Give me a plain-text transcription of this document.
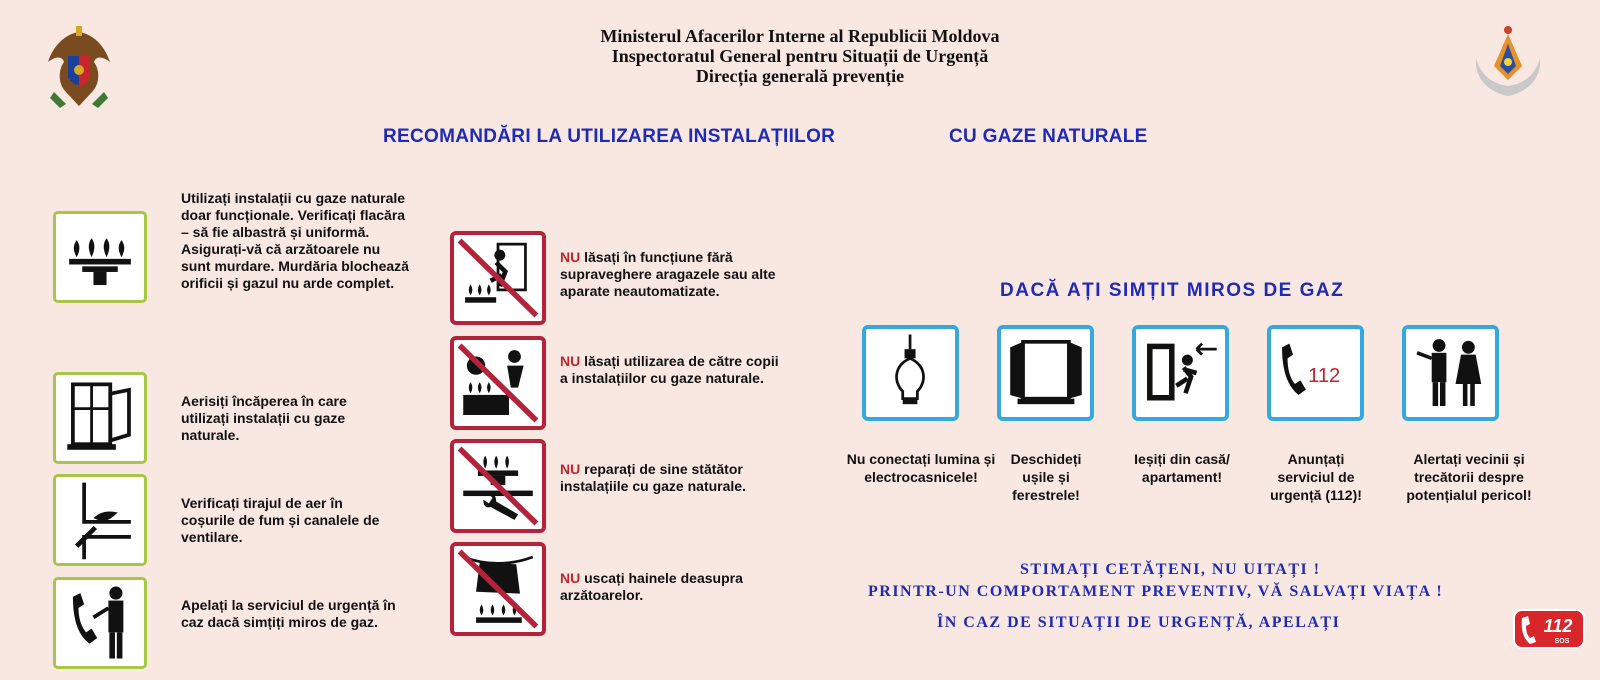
Ministerul Afacerilor Interne al Republicii Moldova
Inspectoratul General pentru Situații de Urgență
Direcția generală prevenție
RECOMANDĂRI LA UTILIZAREA INSTALAȚIILOR	CU GAZE NATURALE
Utilizați instalații cu gaze naturale doar funcționale. Verificați flacăra – să fie albastră și uniformă. Asigurați-vă că arzătoarele nu sunt murdare. Murdăria blochează orificii și gazul nu arde complet.
Aerisiți încăperea în care utilizați instalații cu gaze naturale.
Verificați tirajul de aer în coșurile de fum și canalele de ventilare.
Apelați la serviciul de urgență în caz dacă simțiți miros de gaz.
NU lăsați în funcțiune fără supraveghere aragazele sau alte aparate neautomatizate.
NU lăsați utilizarea de către copii a instalațiilor cu gaze naturale.
NU reparați de sine stătător instalațiile cu gaze naturale.
NU uscați hainele deasupra arzătoarelor.
DACĂ AȚI SIMȚIT MIROS DE GAZ
112
Nu conectați lumina și electrocasnicele!
Deschideți ușile și ferestrele!
Ieșiți din casă/ apartament!
Anunțați serviciul de urgență (112)!
Alertați vecinii și trecătorii despre potențialul pericol!
STIMAȚI CETĂȚENI, NU UITAȚI !
PRINTR-UN COMPORTAMENT PREVENTIV, VĂ SALVAȚI VIAȚA !
ÎN CAZ DE SITUAȚII DE URGENȚĂ, APELAȚI	112
SOS
